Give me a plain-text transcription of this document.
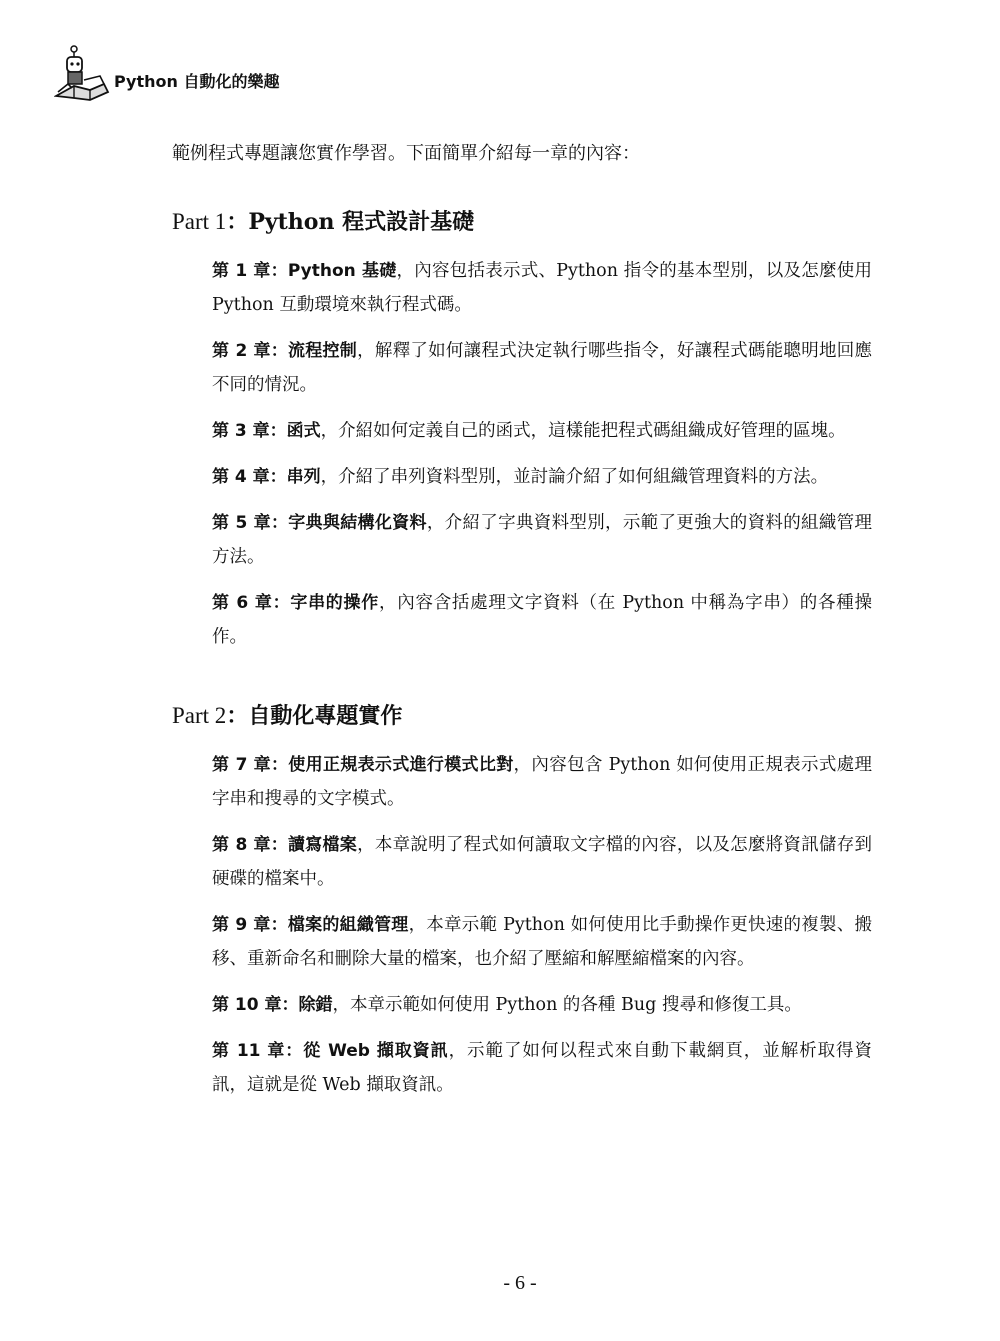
Python 自動化的樂趣

範例程式專題讓您實作學習。下面簡單介紹每一章的內容：

Part 1：Python 程式設計基礎

第 1 章：Python 基礎，內容包括表示式、Python 指令的基本型別，以及怎麼使用 Python 互動環境來執行程式碼。

第 2 章：流程控制，解釋了如何讓程式決定執行哪些指令，好讓程式碼能聰明地回應不同的情況。

第 3 章：函式，介紹如何定義自己的函式，這樣能把程式碼組織成好管理的區塊。

第 4 章：串列，介紹了串列資料型別，並討論介紹了如何組織管理資料的方法。

第 5 章：字典與結構化資料，介紹了字典資料型別，示範了更強大的資料的組織管理方法。

第 6 章：字串的操作，內容含括處理文字資料（在 Python 中稱為字串）的各種操作。

Part 2：自動化專題實作

第 7 章：使用正規表示式進行模式比對，內容包含 Python 如何使用正規表示式處理字串和搜尋的文字模式。

第 8 章：讀寫檔案，本章說明了程式如何讀取文字檔的內容，以及怎麼將資訊儲存到硬碟的檔案中。

第 9 章：檔案的組織管理，本章示範 Python 如何使用比手動操作更快速的複製、搬移、重新命名和刪除大量的檔案，也介紹了壓縮和解壓縮檔案的內容。

第 10 章：除錯，本章示範如何使用 Python 的各種 Bug 搜尋和修復工具。

第 11 章：從 Web 擷取資訊，示範了如何以程式來自動下載網頁，並解析取得資訊，這就是從 Web 擷取資訊。

- 6 -
